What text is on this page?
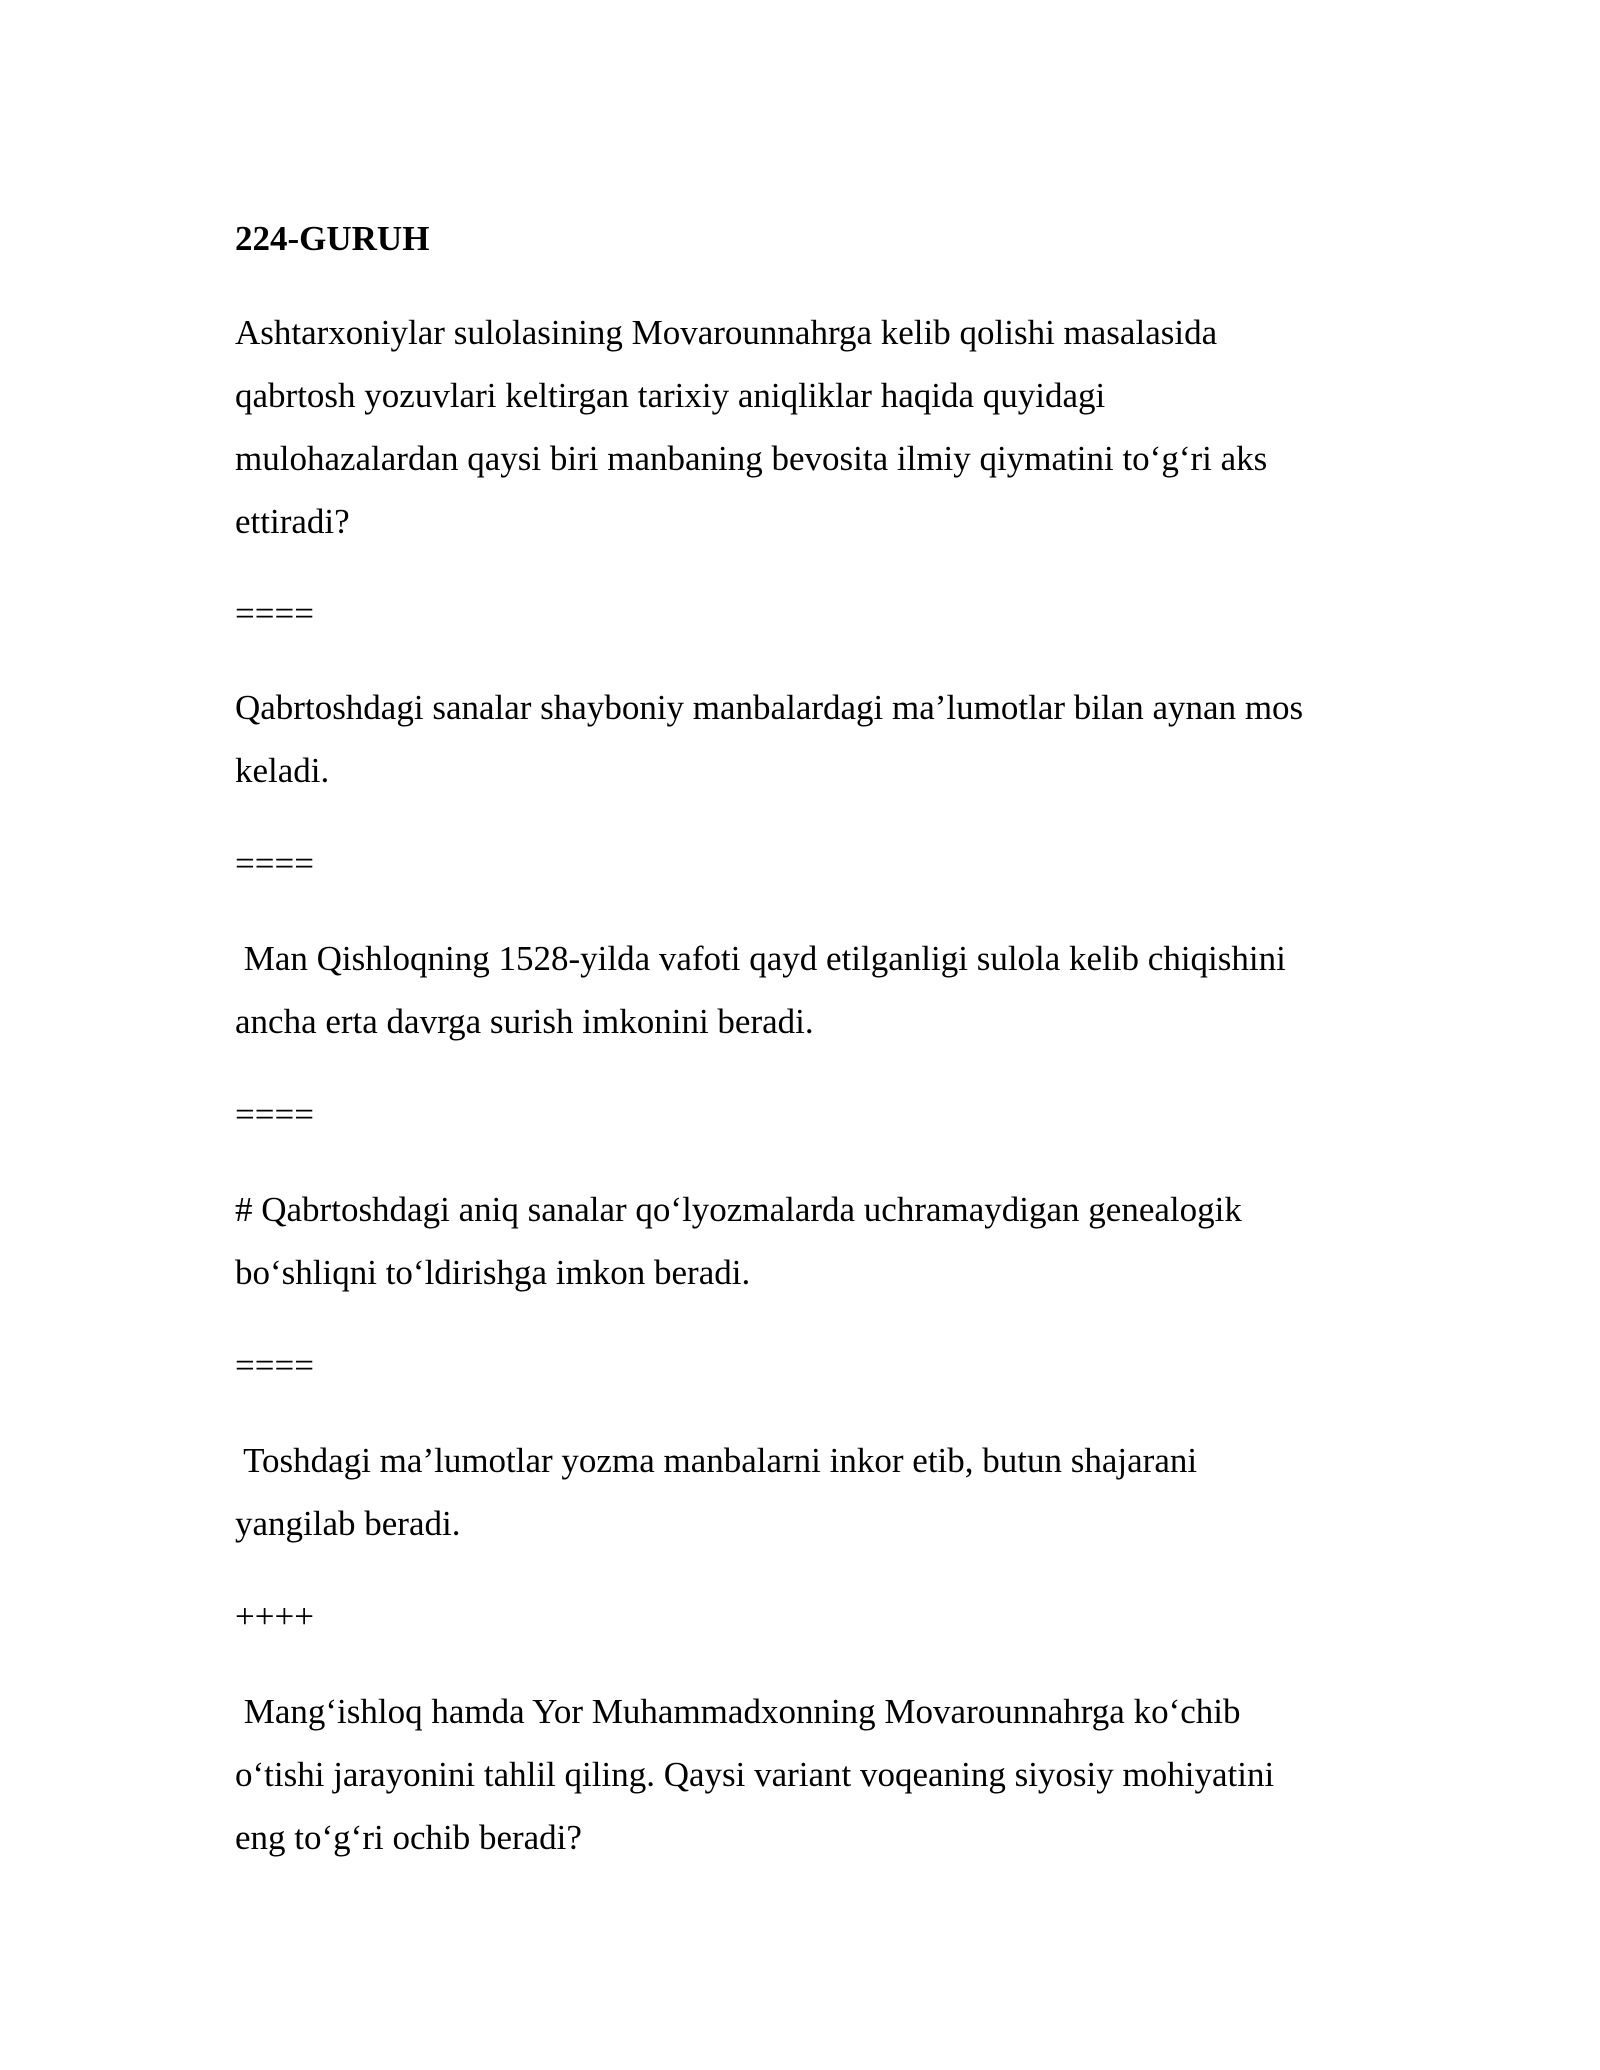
224-GURUH

Ashtarxoniylar sulolasining Movarounnahrga kelib qolishi masalasida

qabrtosh yozuvlari keltirgan tarixiy aniqliklar haqida quyidagi

mulohazalardan qaysi biri manbaning bevosita ilmiy qiymatini to‘g‘ri aks

ettiradi?

====

Qabrtoshdagi sanalar shayboniy manbalardagi ma’lumotlar bilan aynan mos

keladi.

====

Man Qishloqning 1528-yilda vafoti qayd etilganligi sulola kelib chiqishini

ancha erta davrga surish imkonini beradi.

====

# Qabrtoshdagi aniq sanalar qo‘lyozmalarda uchramaydigan genealogik

bo‘shliqni to‘ldirishga imkon beradi.

====

Toshdagi ma’lumotlar yozma manbalarni inkor etib, butun shajarani

yangilab beradi.

++++

Mang‘ishloq hamda Yor Muhammadxonning Movarounnahrga ko‘chib

o‘tishi jarayonini tahlil qiling. Qaysi variant voqeaning siyosiy mohiyatini

eng to‘g‘ri ochib beradi?
